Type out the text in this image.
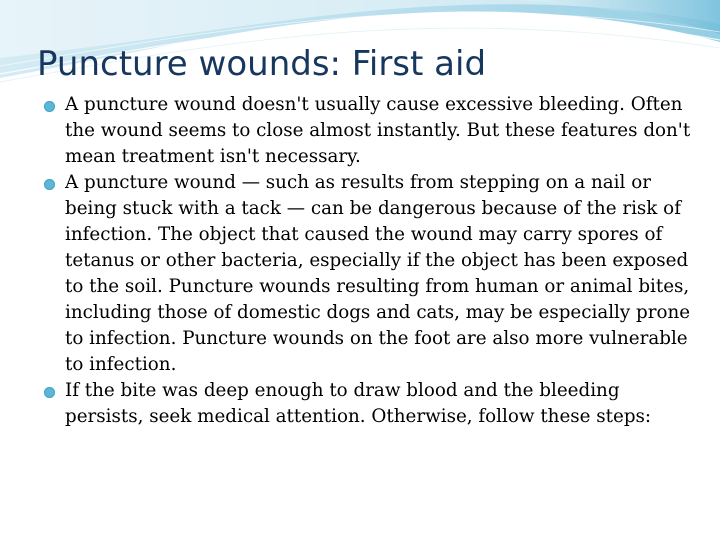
Puncture wounds: First aid
A puncture wound doesn't usually cause excessive bleeding. Often the wound seems to close almost instantly. But these features don't mean treatment isn't necessary.
A puncture wound — such as results from stepping on a nail or being stuck with a tack — can be dangerous because of the risk of infection. The object that caused the wound may carry spores of tetanus or other bacteria, especially if the object has been exposed to the soil. Puncture wounds resulting from human or animal bites, including those of domestic dogs and cats, may be especially prone to infection. Puncture wounds on the foot are also more vulnerable to infection.
If the bite was deep enough to draw blood and the bleeding persists, seek medical attention. Otherwise, follow these steps:
